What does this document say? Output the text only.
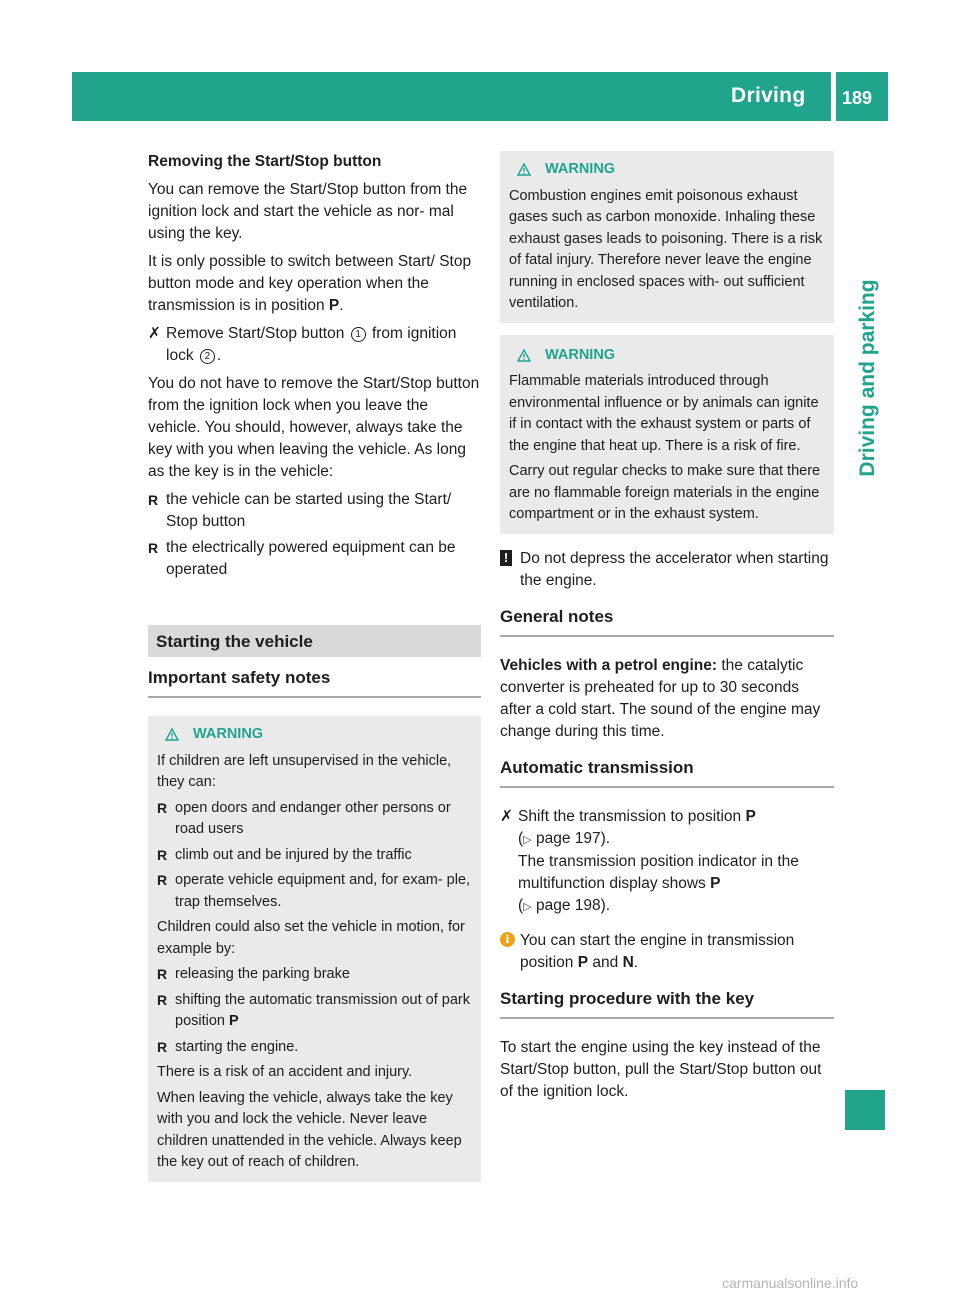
Driving 189
Driving and parking

Removing the Start/Stop button

You can remove the Start/Stop button from the ignition lock and start the vehicle as nor- mal using the key.

It is only possible to switch between Start/ Stop button mode and key operation when the transmission is in position P.

✗ Remove Start/Stop button 1 from ignition lock 2 .

You do not have to remove the Start/Stop button from the ignition lock when you leave the vehicle. You should, however, always take the key with you when leaving the vehicle. As long as the key is in the vehicle:

R the vehicle can be started using the Start/ Stop button
R the electrically powered equipment can be operated
Starting the vehicle
Important safety notes
WARNING

If children are left unsupervised in the vehicle, they can:

R open doors and endanger other persons or road users
R climb out and be injured by the traffic
R operate vehicle equipment and, for exam- ple, trap themselves.

Children could also set the vehicle in motion, for example by:

R releasing the parking brake
R shifting the automatic transmission out of park position P
R starting the engine.

There is a risk of an accident and injury.

When leaving the vehicle, always take the key with you and lock the vehicle. Never leave children unattended in the vehicle. Always keep the key out of reach of children.

WARNING

Combustion engines emit poisonous exhaust gases such as carbon monoxide. Inhaling these exhaust gases leads to poisoning. There is a risk of fatal injury. Therefore never leave the engine running in enclosed spaces with- out sufficient ventilation.

WARNING

Flammable materials introduced through environmental influence or by animals can ignite if in contact with the exhaust system or parts of the engine that heat up. There is a risk of fire.

Carry out regular checks to make sure that there are no flammable foreign materials in the engine compartment or in the exhaust system.

! Do not depress the accelerator when starting the engine.
General notes

Vehicles with a petrol engine: the catalytic converter is preheated for up to 30 seconds after a cold start. The sound of the engine may change during this time.

Automatic transmission
✗ Shift the transmission to position P
(▷ page 197).
The transmission position indicator in the multifunction display shows P
(▷ page 198).
i You can start the engine in transmission position P and N.
Starting procedure with the key

To start the engine using the key instead of the Start/Stop button, pull the Start/Stop button out of the ignition lock.

carmanualsonline.info
